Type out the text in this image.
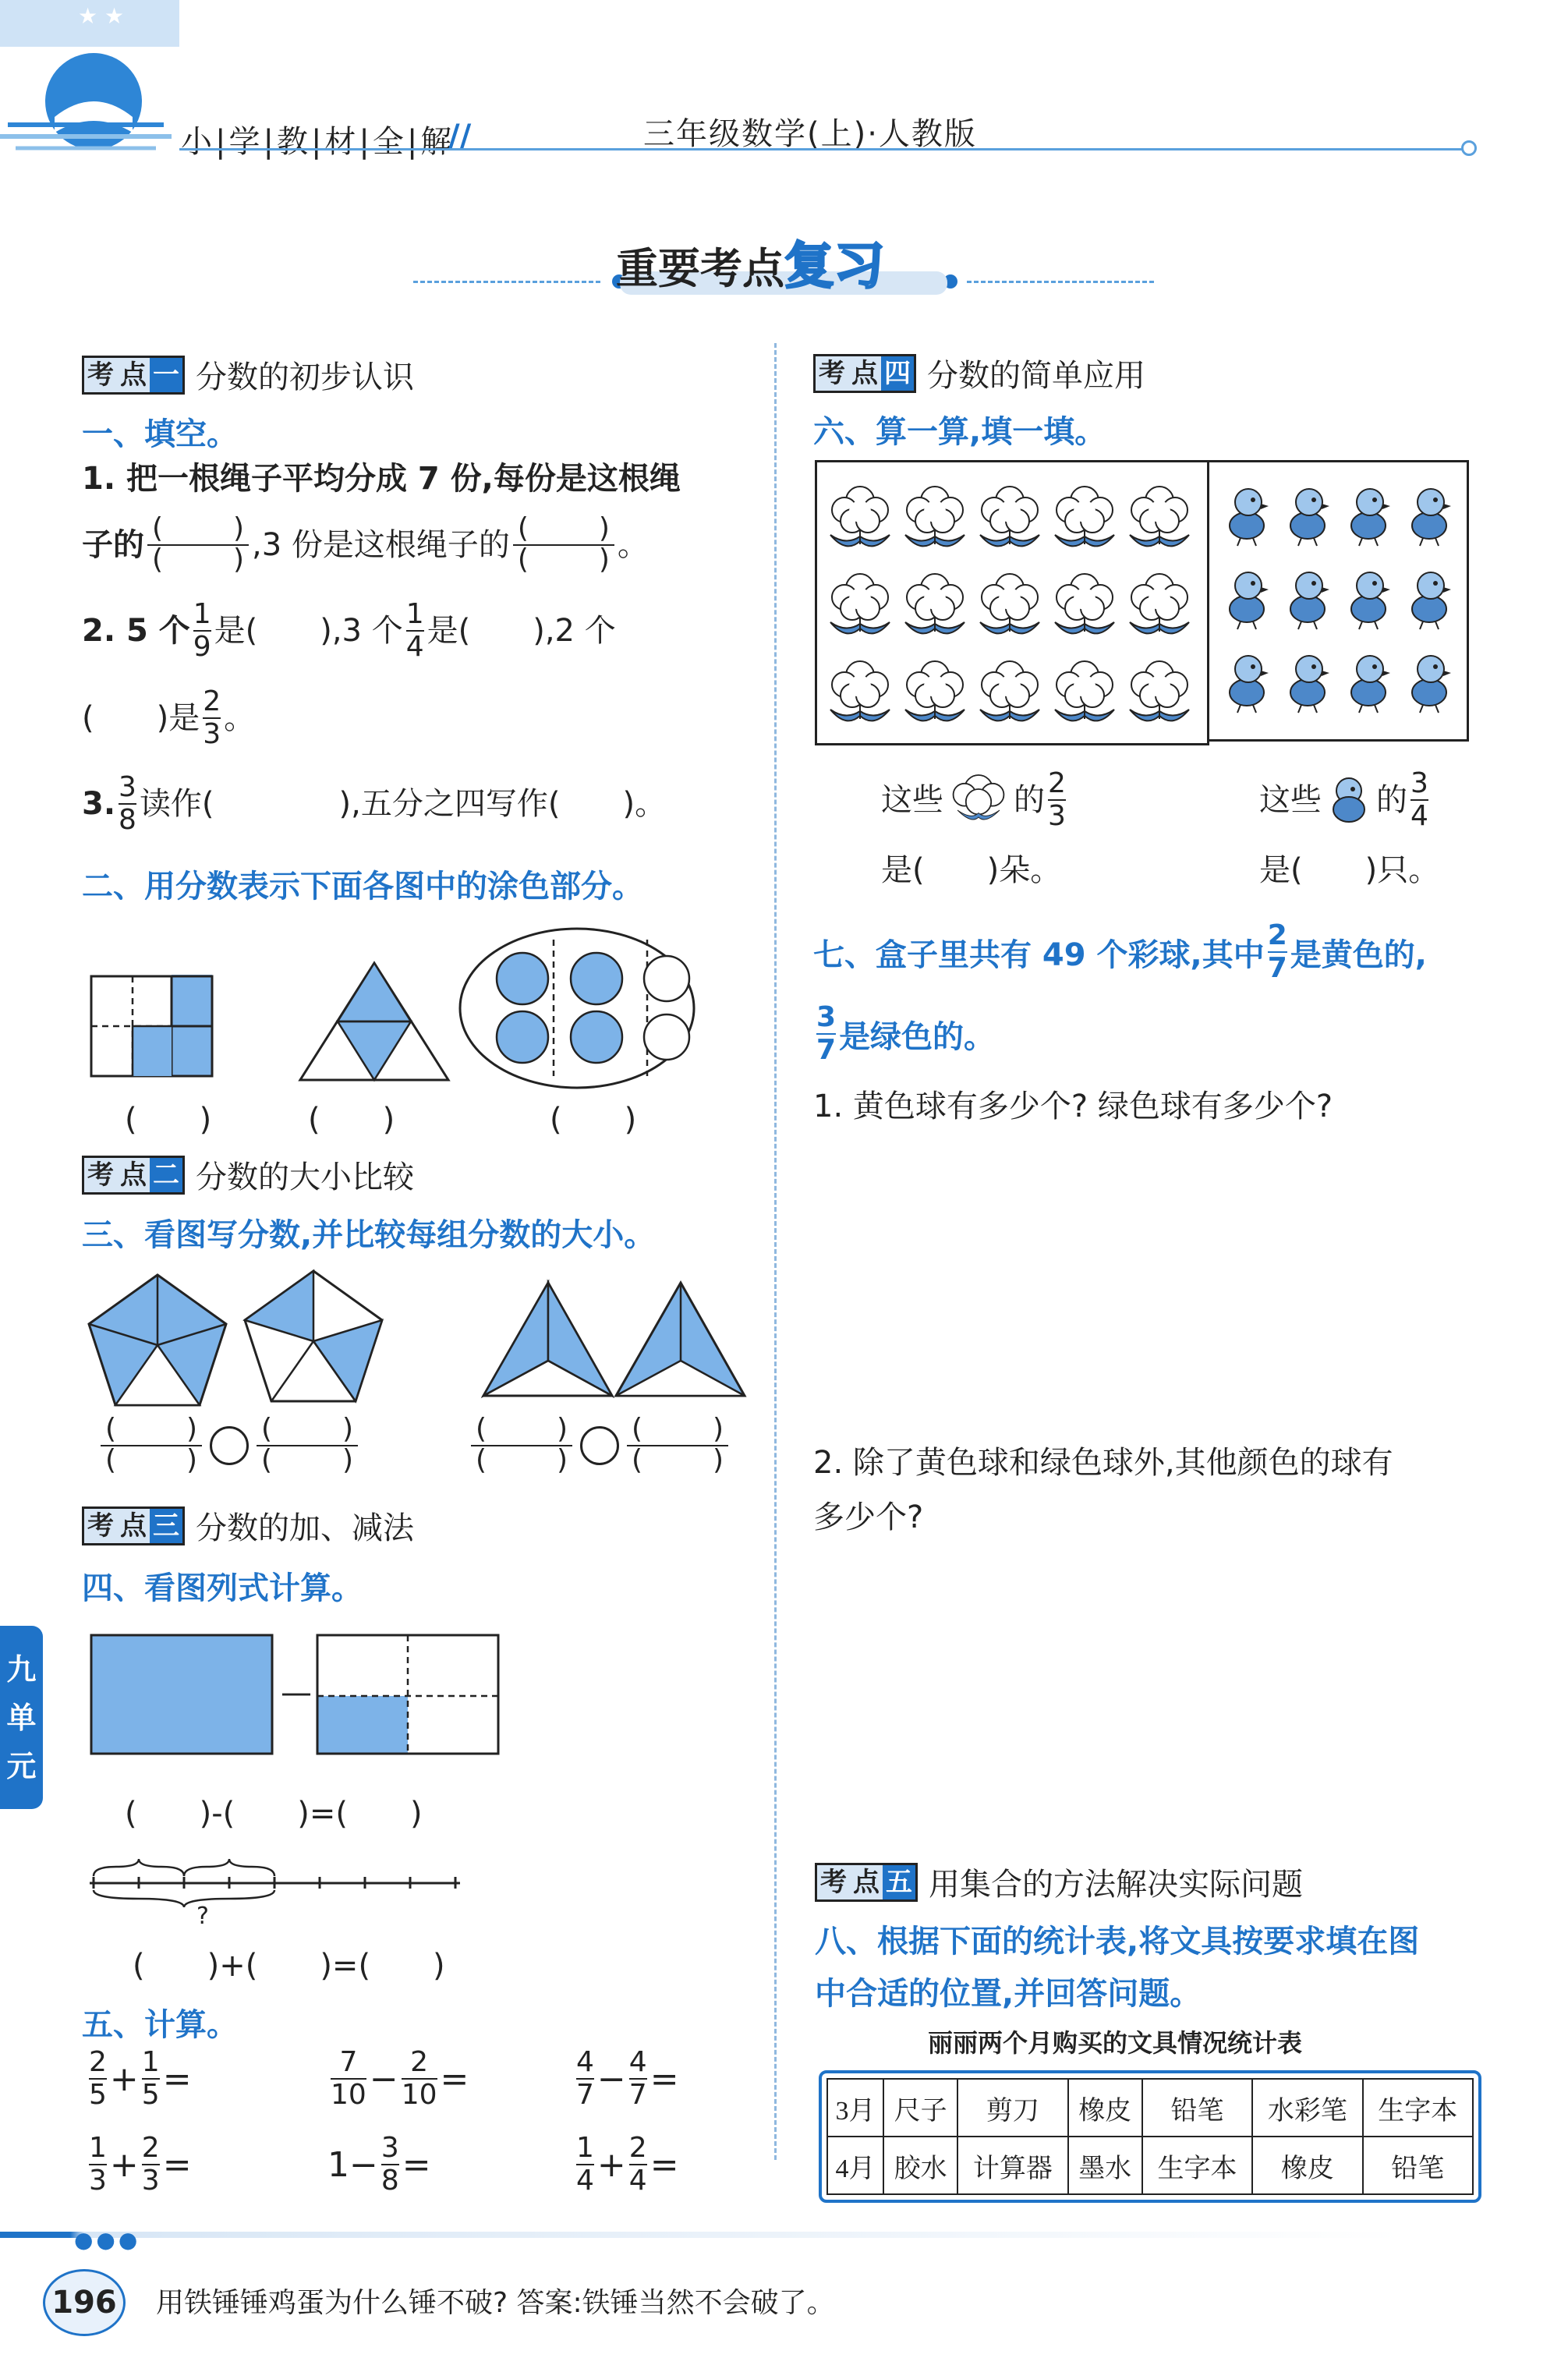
★ ★
小|学|教|材|全|解
//	三年级数学(上)·人教版
重要考点复习
考 点 一 分数的初步认识
一、填空。
1. 把一根绳子平均分成 7 份,每份是这根绳
子的 ( ) ( )	,3 份是这根绳子的 ( ) ( )	。
2. 5 个 $\frac{1}{9}$ 是(　　),3 个 $\frac{1}{4}$ 是(　　),2 个
(　　)是 $\frac{2}{3}$ 。
3. $\frac{3}{8}$ 读作(　　　　),五分之四写作(　　)。
二、用分数表示下面各图中的涂色部分。
(　　)	(　　)	(　　)
考 点 二 分数的大小比较
三、看图写分数,并比较每组分数的大小。
( )
( )
( )
( )
( )
( )
( )
( )
考 点 三 分数的加、减法
四、看图列式计算。
—
(　　)-(　　)=(　　)
?
(　　)+(　　)=(　　)
五、计算。
$\frac{2}{5} + \frac{1}{5}$ =	$\frac{7}{10} - \frac{2}{10}$ =	$\frac{4}{7} - \frac{4}{7}$ =
$\frac{1}{3} + \frac{2}{3}$ =	$1 - \frac{3}{8}$ =	$\frac{1}{4} + \frac{2}{4}$ =
考 点 四 分数的简单应用
六、算一算,填一填。
这些 的 $\frac{2}{3}$
是(　　)朵。
这些 的 $\frac{3}{4}$
是(　　)只。
七、盒子里共有 49 个彩球,其中 $\frac{2}{7}$ 是黄色的,
$\frac{3}{7}$ 是绿色的。
1. 黄色球有多少个? 绿色球有多少个?
2. 除了黄色球和绿色球外,其他颜色的球有
多少个?
考 点 五 用集合的方法解决实际问题
八、根据下面的统计表,将文具按要求填在图
中合适的位置,并回答问题。
丽丽两个月购买的文具情况统计表
3月	尺子	剪刀	橡皮	铅笔	水彩笔	生字本
4月	胶水	计算器	墨水	生字本	橡皮	铅笔
九
单
元
●●●
196	用铁锤锤鸡蛋为什么锤不破? 答案:铁锤当然不会破了。
